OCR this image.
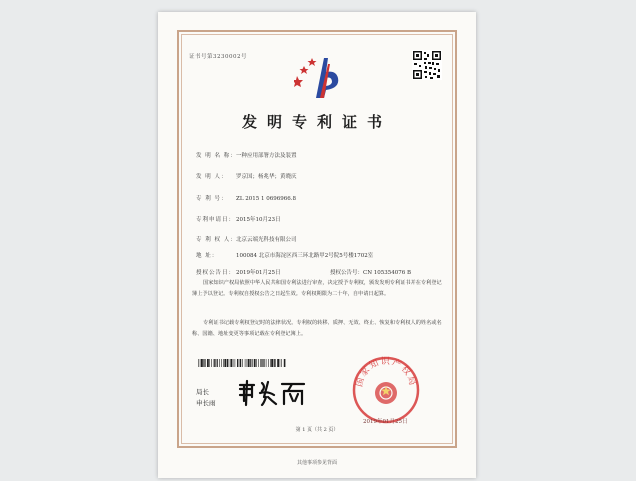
证书号第3230002号
发明专利证书
发 明 名 称：一种应用部署方法及装置
发 明 人： 罗京国；杨兆华；黄晓庆
专 利 号： ZL 2015 1 0696966.8
专利申请日：2015年10月23日
专 利 权 人：北京云端光科技有限公司
地 址：	100084 北京市海淀区西三环北路甲2号院5号楼1702室
授权公告日：2019年01月25日	授权公告号：CN 105354076 B
国家知识产权局依照中华人民共和国专利法进行审查，决定授予专利权，颁发发明专利证书并在专利登记簿上予以登记。专利权自授权公告之日起生效。专利权期限为二十年，自申请日起算。
专利证书记载专利权登记时的法律状况。专利权的转移、质押、无效、终止、恢复和专利权人的姓名或名称、国籍、地址变更等事项记载在专利登记簿上。
局长
申长雨
国家知识产权局
2019年01月25日
第 1 页（共 2 页）
其他事项参见背面
